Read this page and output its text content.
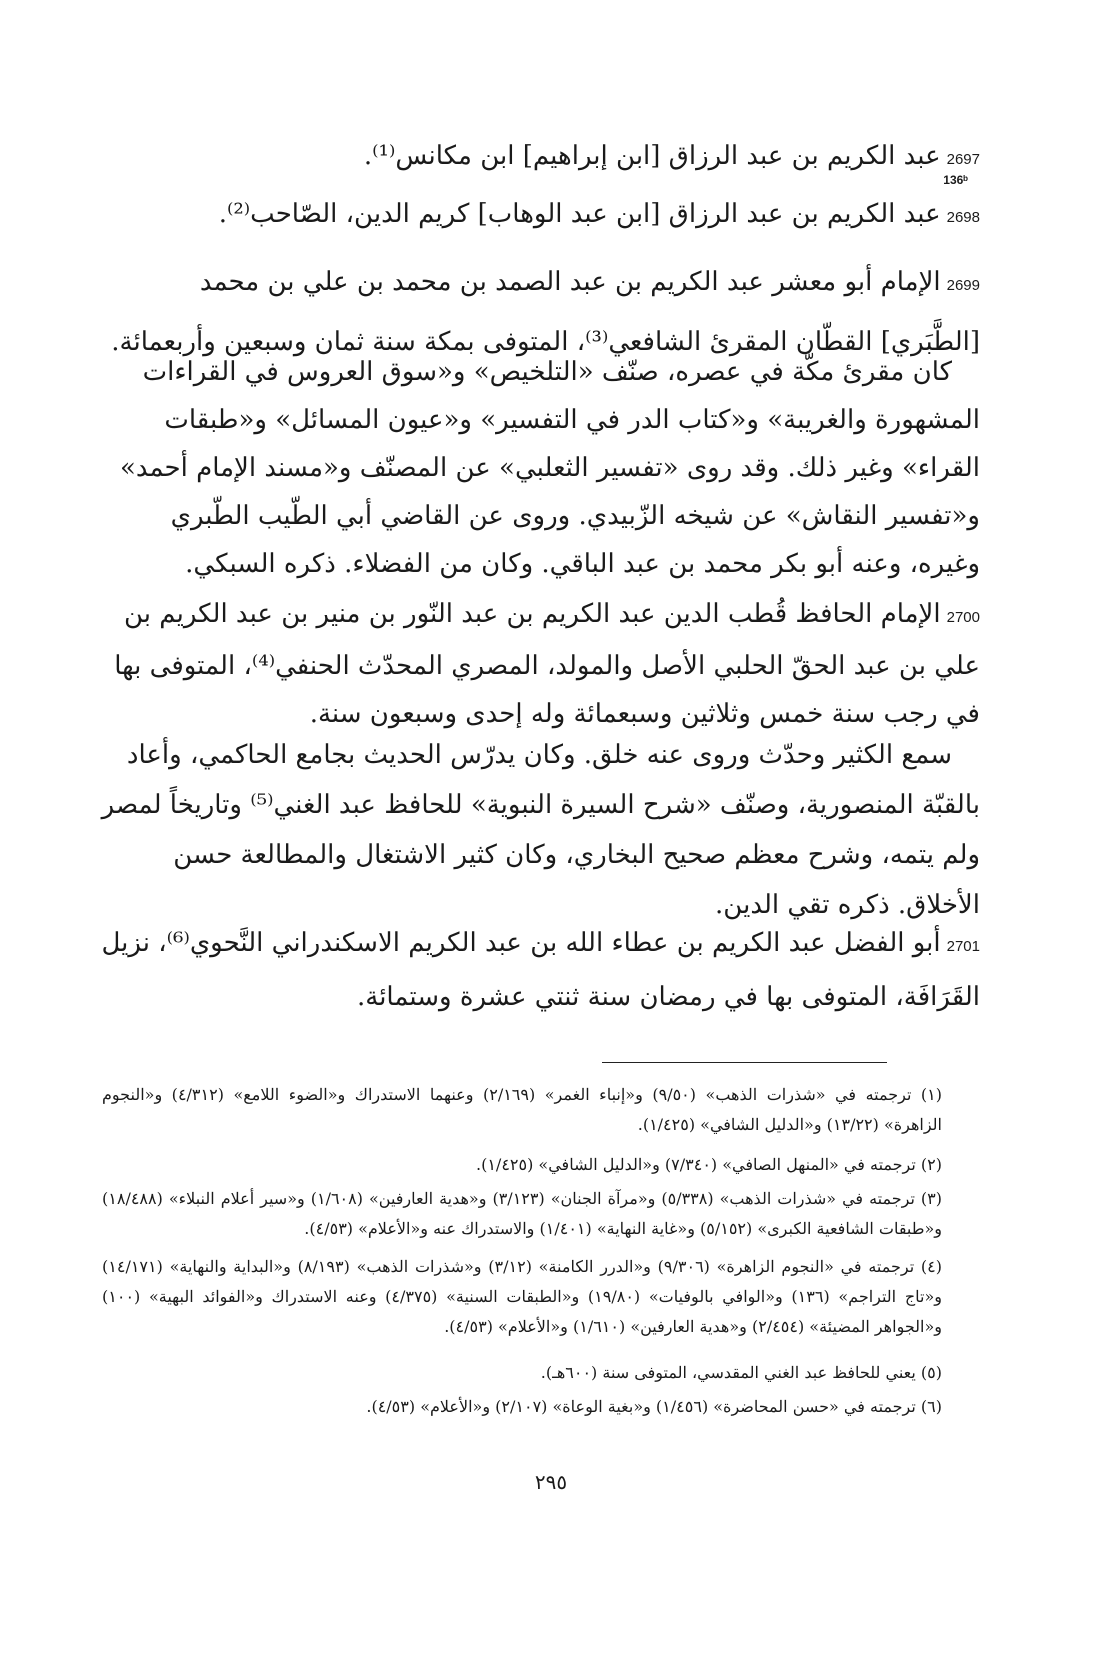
136ᵇ

2697عبد الكريم بن عبد الرزاق [ابن إبراهيم] ابن مكانس⁽¹⁾.

2698عبد الكريم بن عبد الرزاق [ابن عبد الوهاب] كريم الدين، الصّاحب⁽²⁾.

2699الإمام أبو معشر عبد الكريم بن عبد الصمد بن محمد بن علي بن محمد [الطَّبَري] القطّان المقرئ الشافعي⁽³⁾، المتوفى بمكة سنة ثمان وسبعين وأربعمائة.

كان مقرئ مكّة في عصره، صنّف «التلخيص» و«سوق العروس في القراءات المشهورة والغريبة» و«كتاب الدر في التفسير» و«عيون المسائل» و«طبقات القراء» وغير ذلك. وقد روى «تفسير الثعلبي» عن المصنّف و«مسند الإمام أحمد» و«تفسير النقاش» عن شيخه الزّبيدي. وروى عن القاضي أبي الطّيب الطّبري وغيره، وعنه أبو بكر محمد بن عبد الباقي. وكان من الفضلاء. ذكره السبكي.

2700الإمام الحافظ قُطب الدين عبد الكريم بن عبد النّور بن منير بن عبد الكريم بن علي بن عبد الحقّ الحلبي الأصل والمولد، المصري المحدّث الحنفي⁽⁴⁾، المتوفى بها في رجب سنة خمس وثلاثين وسبعمائة وله إحدى وسبعون سنة.

سمع الكثير وحدّث وروى عنه خلق. وكان يدرّس الحديث بجامع الحاكمي، وأعاد بالقبّة المنصورية، وصنّف «شرح السيرة النبوية» للحافظ عبد الغني⁽⁵⁾ وتاريخاً لمصر ولم يتمه، وشرح معظم صحيح البخاري، وكان كثير الاشتغال والمطالعة حسن الأخلاق. ذكره تقي الدين.

2701أبو الفضل عبد الكريم بن عطاء الله بن عبد الكريم الاسكندراني النَّحوي⁽⁶⁾، نزيل القَرَافَة، المتوفى بها في رمضان سنة ثنتي عشرة وستمائة.

(١) ترجمته في «شذرات الذهب» (٩/٥٠) و«إنباء الغمر» (٢/١٦٩) وعنهما الاستدراك و«الضوء اللامع» (٤/٣١٢) و«النجوم الزاهرة» (١٣/٢٢) و«الدليل الشافي» (١/٤٢٥).

(٢) ترجمته في «المنهل الصافي» (٧/٣٤٠) و«الدليل الشافي» (١/٤٢٥).

(٣) ترجمته في «شذرات الذهب» (٥/٣٣٨) و«مرآة الجنان» (٣/١٢٣) و«هدية العارفين» (١/٦٠٨) و«سير أعلام النبلاء» (١٨/٤٨٨) و«طبقات الشافعية الكبرى» (٥/١٥٢) و«غاية النهاية» (١/٤٠١) والاستدراك عنه و«الأعلام» (٤/٥٣).

(٤) ترجمته في «النجوم الزاهرة» (٩/٣٠٦) و«الدرر الكامنة» (٣/١٢) و«شذرات الذهب» (٨/١٩٣) و«البداية والنهاية» (١٤/١٧١) و«تاج التراجم» (١٣٦) و«الوافي بالوفيات» (١٩/٨٠) و«الطبقات السنية» (٤/٣٧٥) وعنه الاستدراك و«الفوائد البهية» (١٠٠) و«الجواهر المضيئة» (٢/٤٥٤) و«هدية العارفين» (١/٦١٠) و«الأعلام» (٤/٥٣).

(٥) يعني للحافظ عبد الغني المقدسي، المتوفى سنة (٦٠٠هـ).

(٦) ترجمته في «حسن المحاضرة» (١/٤٥٦) و«بغية الوعاة» (٢/١٠٧) و«الأعلام» (٤/٥٣).

٢٩٥
